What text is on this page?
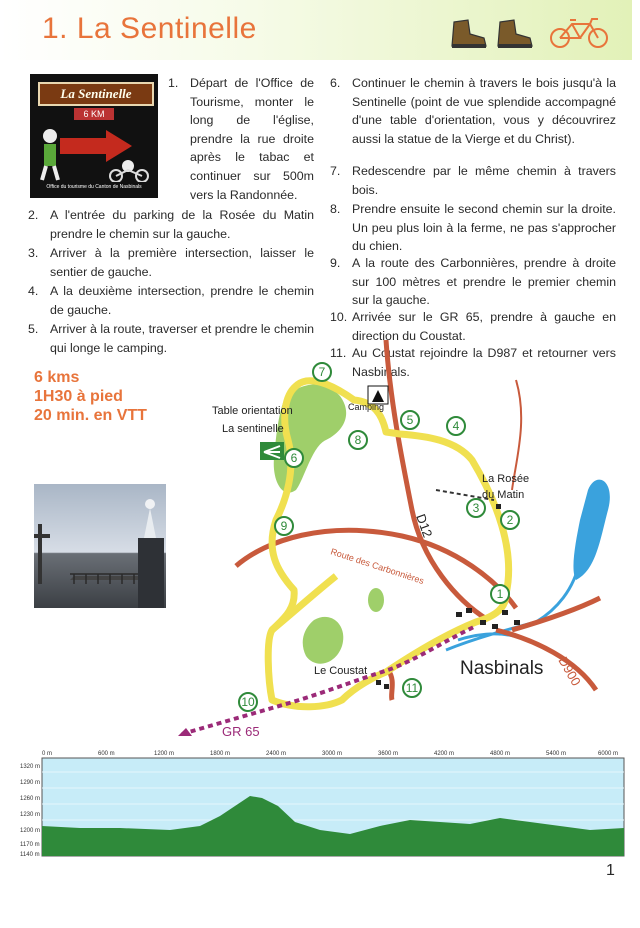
1. La Sentinelle
La Sentinelle
6 KM
Office du tourisme du Canton de Nasbinals
1. Départ de l'Office de Tourisme, monter le long de l'église, prendre la rue droite après le tabac et continuer sur 500m vers la Randonnée.
2. A l'entrée du parking de la Rosée du Matin prendre le chemin sur la gauche.
3. Arriver à la première intersection, laisser le sentier de gauche.
4. A la deuxième intersection, prendre le chemin de gauche.
5. Arriver à la route, traverser et prendre le chemin qui longe le camping.
6. Continuer le chemin à travers le bois jusqu'à la Sentinelle (point de vue splendide accompagné d'une table d'orientation, vous y découvrirez aussi la statue de la Vierge et du Christ).
7. Redescendre par le même chemin à travers bois.
8. Prendre ensuite le second chemin sur la droite. Un peu plus loin à la ferme, ne pas s'approcher du chien.
9. A la route des Carbonnières, prendre à droite sur 100 mètres et prendre le premier chemin sur la gauche.
10. Arrivée sur le GR 65, prendre à gauche en direction du Coustat.
11. Au Coustat rejoindre la D987 et retourner vers Nasbinals.
6 kms
1H30 à pied
20 min. en VTT
GR 65
Camping
Table orientation
La sentinelle
La Rosée
du Matin
D12
Route des Carbonnières
Nasbinals D900
Le Coustat
1
2
3
4
5
6
7
8
9
10
11
0 m	600 m	1200 m	1800 m	2400 m	3000 m	3600 m	4200 m	4800 m	5400 m	6000 m
1320 m
1290 m
1260 m
1230 m
1200 m
1170 m
1140 m
1
